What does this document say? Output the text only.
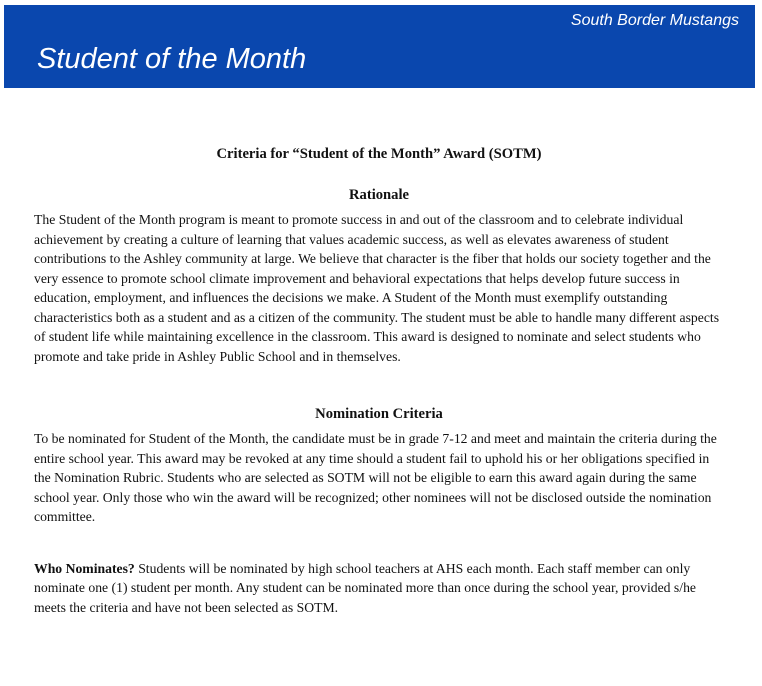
South Border Mustangs
Student of the Month
Criteria for “Student of the Month” Award (SOTM)
Rationale

The Student of the Month program is meant to promote success in and out of the classroom and to celebrate individual achievement by creating a culture of learning that values academic success, as well as elevates awareness of student contributions to the Ashley community at large. We believe that character is the fiber that holds our society together and the very essence to promote school climate improvement and behavioral expectations that helps develop future success in education, employment, and influences the decisions we make. A Student of the Month must exemplify outstanding characteristics both as a student and as a citizen of the community. The student must be able to handle many different aspects of student life while maintaining excellence in the classroom. This award is designed to nominate and select students who promote and take pride in Ashley Public School and in themselves.

Nomination Criteria

To be nominated for Student of the Month, the candidate must be in grade 7-12 and meet and maintain the criteria during the entire school year. This award may be revoked at any time should a student fail to uphold his or her obligations specified in the Nomination Rubric. Students who are selected as SOTM will not be eligible to earn this award again during the same school year. Only those who win the award will be recognized; other nominees will not be disclosed outside the nomination committee.

Who Nominates? Students will be nominated by high school teachers at AHS each month. Each staff member can only nominate one (1) student per month. Any student can be nominated more than once during the school year, provided s/he meets the criteria and have not been selected as SOTM.
